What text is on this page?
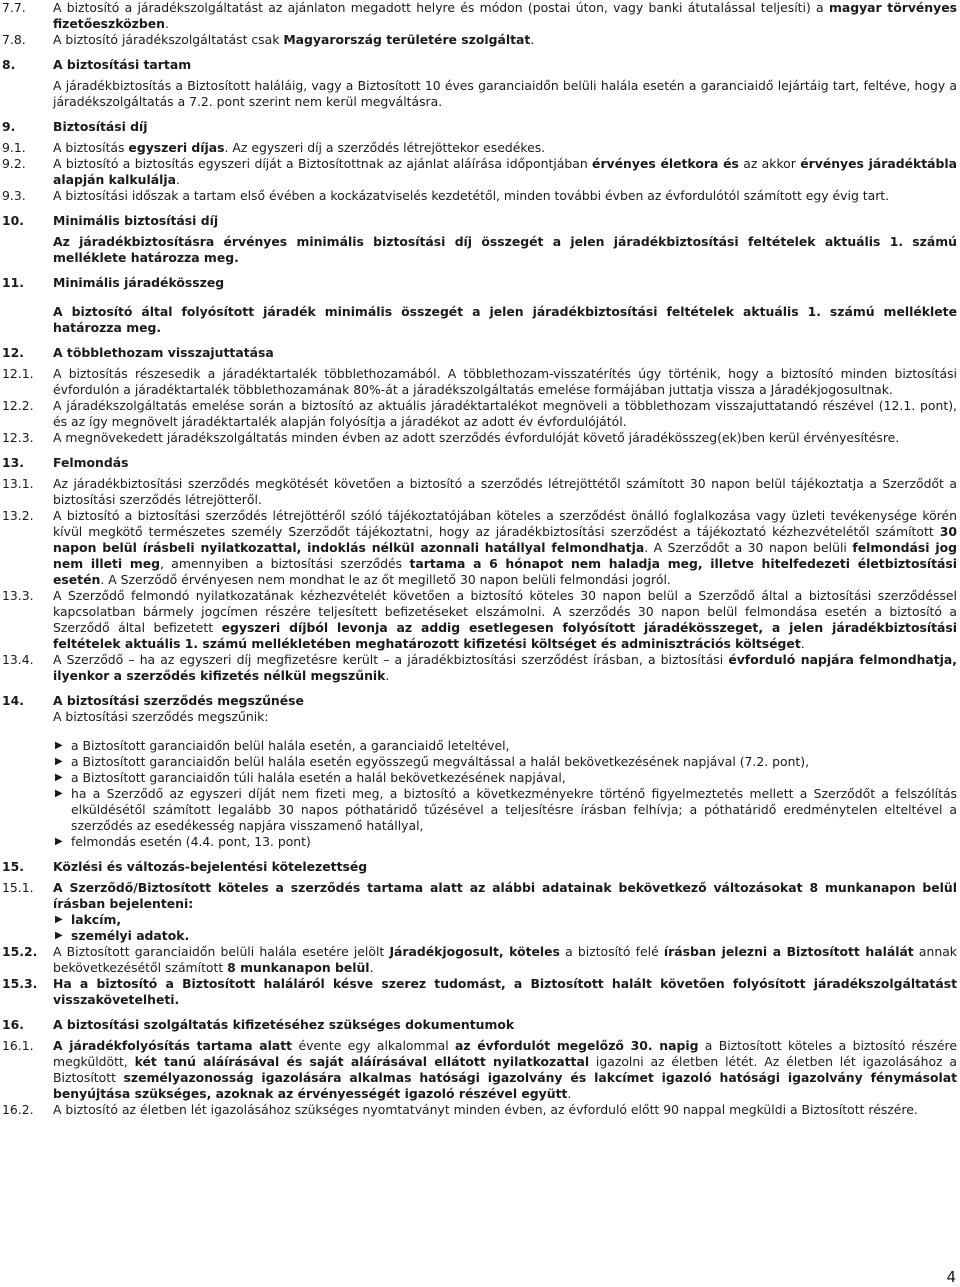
7.7.	A biztosító a járadékszolgáltatást az ajánlaton megadott helyre és módon (postai úton, vagy banki átutalással teljesíti) a magyar törvényes fizetőeszközben.
7.8.	A biztosító járadékszolgáltatást csak Magyarország területére szolgáltat.
8.	A biztosítási tartam
A járadékbiztosítás a Biztosított haláláig, vagy a Biztosított 10 éves garanciaidőn belüli halála esetén a garanciaidő lejártáig tart, feltéve, hogy a járadékszolgáltatás a 7.2. pont szerint nem kerül megváltásra.
9.	Biztosítási díj
9.1.	A biztosítás egyszeri díjas. Az egyszeri díj a szerződés létrejöttekor esedékes.
9.2.	A biztosító a biztosítás egyszeri díját a Biztosítottnak az ajánlat aláírása időpontjában érvényes életkora és az akkor érvényes járadéktábla alapján kalkulálja.
9.3.	A biztosítási időszak a tartam első évében a kockázatviselés kezdetétől, minden további évben az évfordulótól számított egy évig tart.
10.	Minimális biztosítási díj
Az járadékbiztosításra érvényes minimális biztosítási díj összegét a jelen járadékbiztosítási feltételek aktuális 1. számú melléklete határozza meg.
11.	Minimális járadékösszeg
A biztosító által folyósított járadék minimális összegét a jelen járadékbiztosítási feltételek aktuális 1. számú melléklete határozza meg.
12.	A többlethozam visszajuttatása
12.1.	A biztosítás részesedik a járadéktartalék többlethozamából. A többlethozam-visszatérítés úgy történik, hogy a biztosító minden biztosítási évfordulón a járadéktartalék többlethozamának 80%-át a járadékszolgáltatás emelése formájában juttatja vissza a Járadékjogosultnak.
12.2.	A járadékszolgáltatás emelése során a biztosító az aktuális járadéktartalékot megnöveli a többlethozam visszajuttatandó részével (12.1. pont), és az így megnövelt járadéktartalék alapján folyósítja a járadékot az adott év évfordulójától.
12.3.	A megnövekedett járadékszolgáltatás minden évben az adott szerződés évfordulóját követő járadékösszeg(ek)ben kerül érvényesítésre.
13.	Felmondás
13.1.	Az járadékbiztosítási szerződés megkötését követően a biztosító a szerződés létrejöttétől számított 30 napon belül tájékoztatja a Szerződőt a biztosítási szerződés létrejötteről.
13.2.	A biztosító a biztosítási szerződés létrejöttéről szóló tájékoztatójában köteles a szerződést önálló foglalkozása vagy üzleti tevékenysége körén kívül megkötő természetes személy Szerződőt tájékoztatni, hogy az járadékbiztosítási szerződést a tájékoztató kézhezvételétől számított 30 napon belül írásbeli nyilatkozattal, indoklás nélkül azonnali hatállyal felmondhatja. A Szerződőt a 30 napon belüli felmondási jog nem illeti meg, amennyiben a biztosítási szerződés tartama a 6 hónapot nem haladja meg, illetve hitelfedezeti életbiztosítási esetén. A Szerződő érvényesen nem mondhat le az őt megillető 30 napon belüli felmondási jogról.
13.3.	A Szerződő felmondó nyilatkozatának kézhezvételét követően a biztosító köteles 30 napon belül a Szerződő által a biztosítási szerződéssel kapcsolatban bármely jogcímen részére teljesített befizetéseket elszámolni. A szerződés 30 napon belül felmondása esetén a biztosító a Szerződő által befizetett egyszeri díjból levonja az addig esetlegesen folyósított járadékösszeget, a jelen járadékbiztosítási feltételek aktuális 1. számú mellékletében meghatározott kifizetési költséget és adminisztrációs költséget.
13.4.	A Szerződő – ha az egyszeri díj megfizetésre került – a járadékbiztosítási szerződést írásban, a biztosítási évforduló napjára felmondhatja, ilyenkor a szerződés kifizetés nélkül megszűnik.
14.	A biztosítási szerződés megszűnése
A biztosítási szerződés megszűnik:
▶ a Biztosított garanciaidőn belül halála esetén, a garanciaidő leteltével,
▶ a Biztosított garanciaidőn belül halála esetén egyösszegű megváltással a halál bekövetkezésének napjával (7.2. pont),
▶ a Biztosított garanciaidőn túli halála esetén a halál bekövetkezésének napjával,
▶ ha a Szerződő az egyszeri díját nem fizeti meg, a biztosító a következményekre történő figyelmeztetés mellett a Szerződőt a felszólítás elküldésétől számított legalább 30 napos póthatáridő tűzésével a teljesítésre írásban felhívja; a póthatáridő eredménytelen elteltével a szerződés az esedékesség napjára visszamenő hatállyal,
▶ felmondás esetén (4.4. pont, 13. pont)
15.	Közlési és változás-bejelentési kötelezettség
15.1.	A Szerződő/Biztosított köteles a szerződés tartama alatt az alábbi adatainak bekövetkező változásokat 8 munkanapon belül írásban bejelenteni:
▶ lakcím,
▶ személyi adatok.
15.2.	A Biztosított garanciaidőn belüli halála esetére jelölt Járadékjogosult, köteles a biztosító felé írásban jelezni a Biztosított halálát annak bekövetkezésétől számított 8 munkanapon belül.
15.3.	Ha a biztosító a Biztosított haláláról késve szerez tudomást, a Biztosított halált követően folyósított járadékszolgáltatást visszakövetelheti.
16.	A biztosítási szolgáltatás kifizetéséhez szükséges dokumentumok
16.1.	A járadékfolyósítás tartama alatt évente egy alkalommal az évfordulót megelőző 30. napig a Biztosított köteles a biztosító részére megküldött, két tanú aláírásával és saját aláírásával ellátott nyilatkozattal igazolni az életben létét. Az életben lét igazolásához a Biztosított személyazonosság igazolására alkalmas hatósági igazolvány és lakcímet igazoló hatósági igazolvány fénymásolat benyújtása szükséges, azoknak az érvényességét igazoló részével együtt.
16.2.	A biztosító az életben lét igazolásához szükséges nyomtatványt minden évben, az évforduló előtt 90 nappal megküldi a Biztosított részére.
4
